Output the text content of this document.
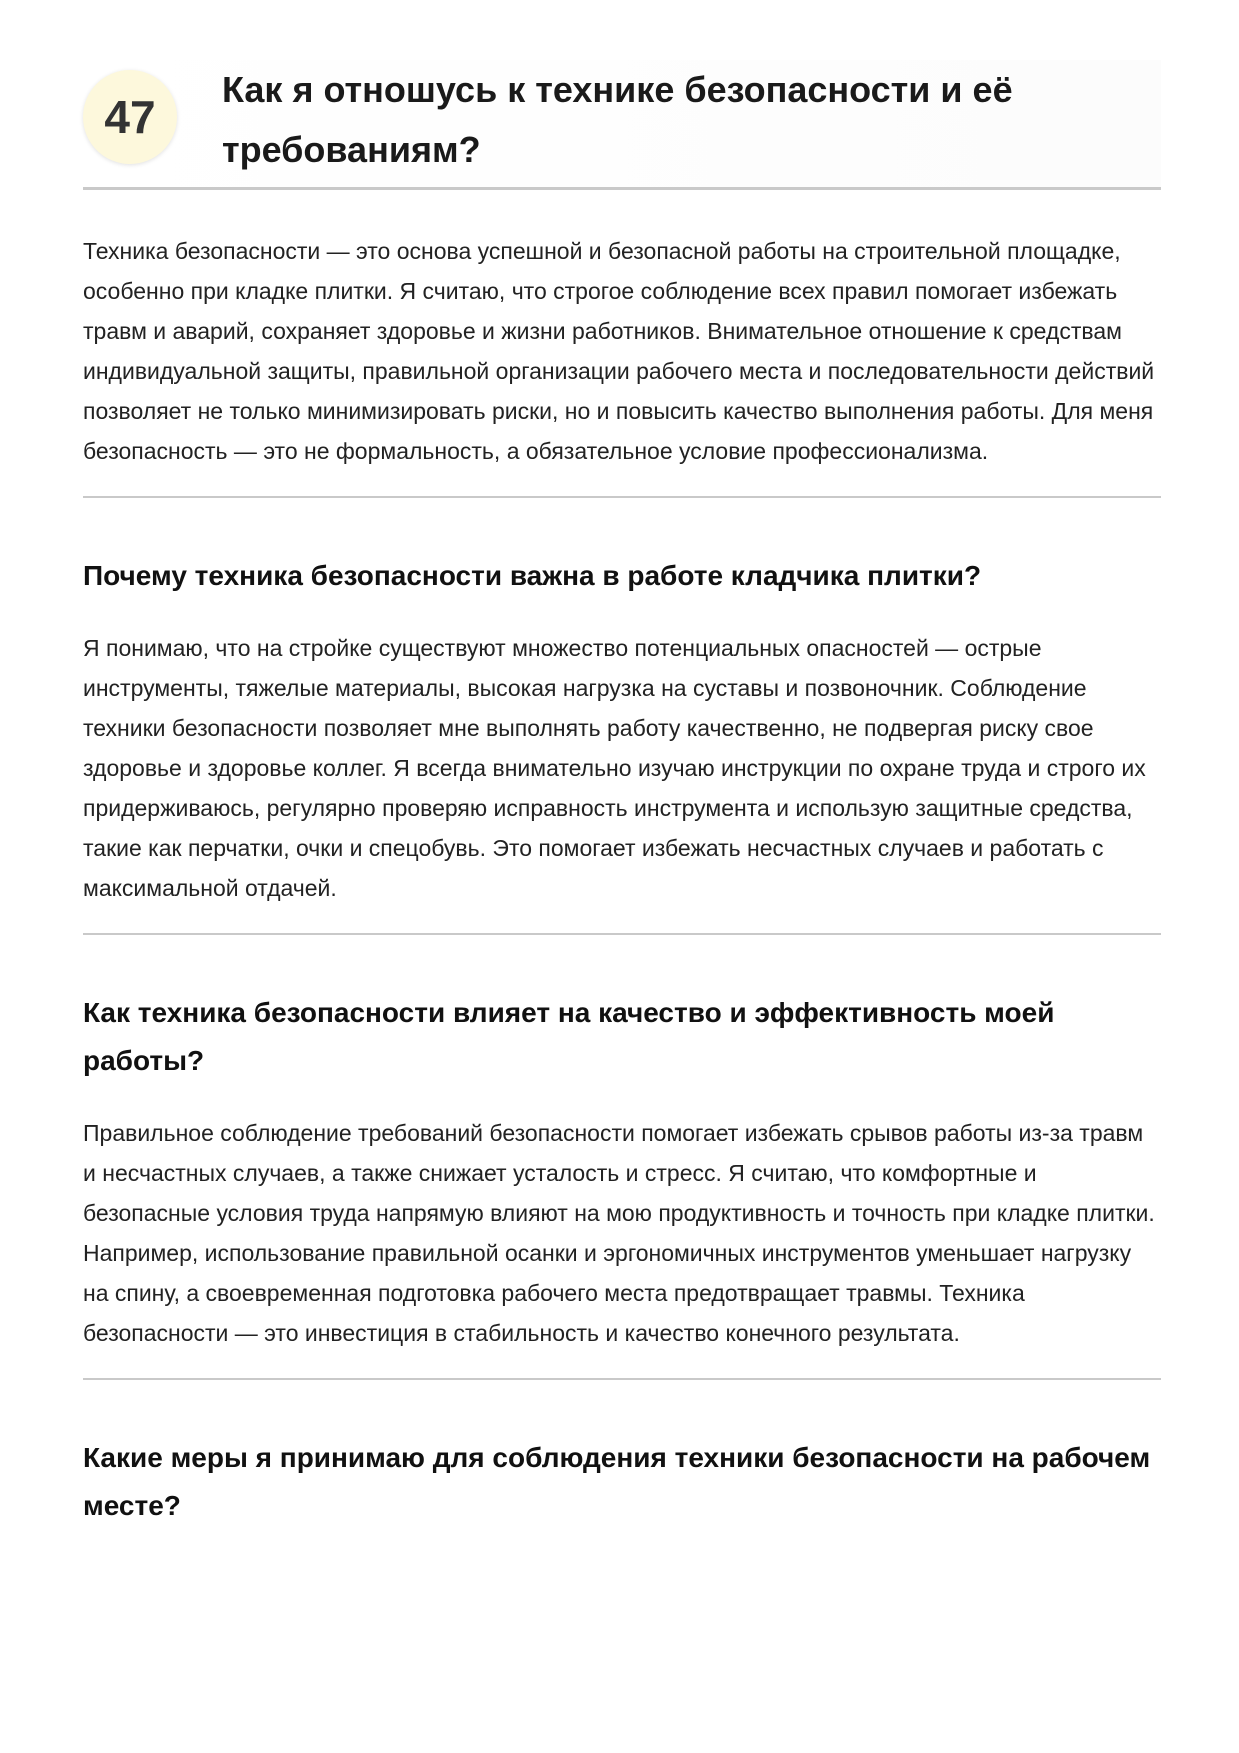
47
Как я отношусь к технике безопасности и её требованиям?

Техника безопасности — это основа успешной и безопасной работы на строительной площадке, особенно при кладке плитки. Я считаю, что строгое соблюдение всех правил помогает избежать травм и аварий, сохраняет здоровье и жизни работников. Внимательное отношение к средствам индивидуальной защиты, правильной организации рабочего места и последовательности действий позволяет не только минимизировать риски, но и повысить качество выполнения работы. Для меня безопасность — это не формальность, а обязательное условие профессионализма.

Почему техника безопасности важна в работе кладчика плитки?

Я понимаю, что на стройке существуют множество потенциальных опасностей — острые инструменты, тяжелые материалы, высокая нагрузка на суставы и позвоночник. Соблюдение техники безопасности позволяет мне выполнять работу качественно, не подвергая риску свое здоровье и здоровье коллег. Я всегда внимательно изучаю инструкции по охране труда и строго их придерживаюсь, регулярно проверяю исправность инструмента и использую защитные средства, такие как перчатки, очки и спецобувь. Это помогает избежать несчастных случаев и работать с максимальной отдачей.

Как техника безопасности влияет на качество и эффективность моей работы?

Правильное соблюдение требований безопасности помогает избежать срывов работы из-за травм и несчастных случаев, а также снижает усталость и стресс. Я считаю, что комфортные и безопасные условия труда напрямую влияют на мою продуктивность и точность при кладке плитки. Например, использование правильной осанки и эргономичных инструментов уменьшает нагрузку на спину, а своевременная подготовка рабочего места предотвращает травмы. Техника безопасности — это инвестиция в стабильность и качество конечного результата.

Какие меры я принимаю для соблюдения техники безопасности на рабочем месте?
